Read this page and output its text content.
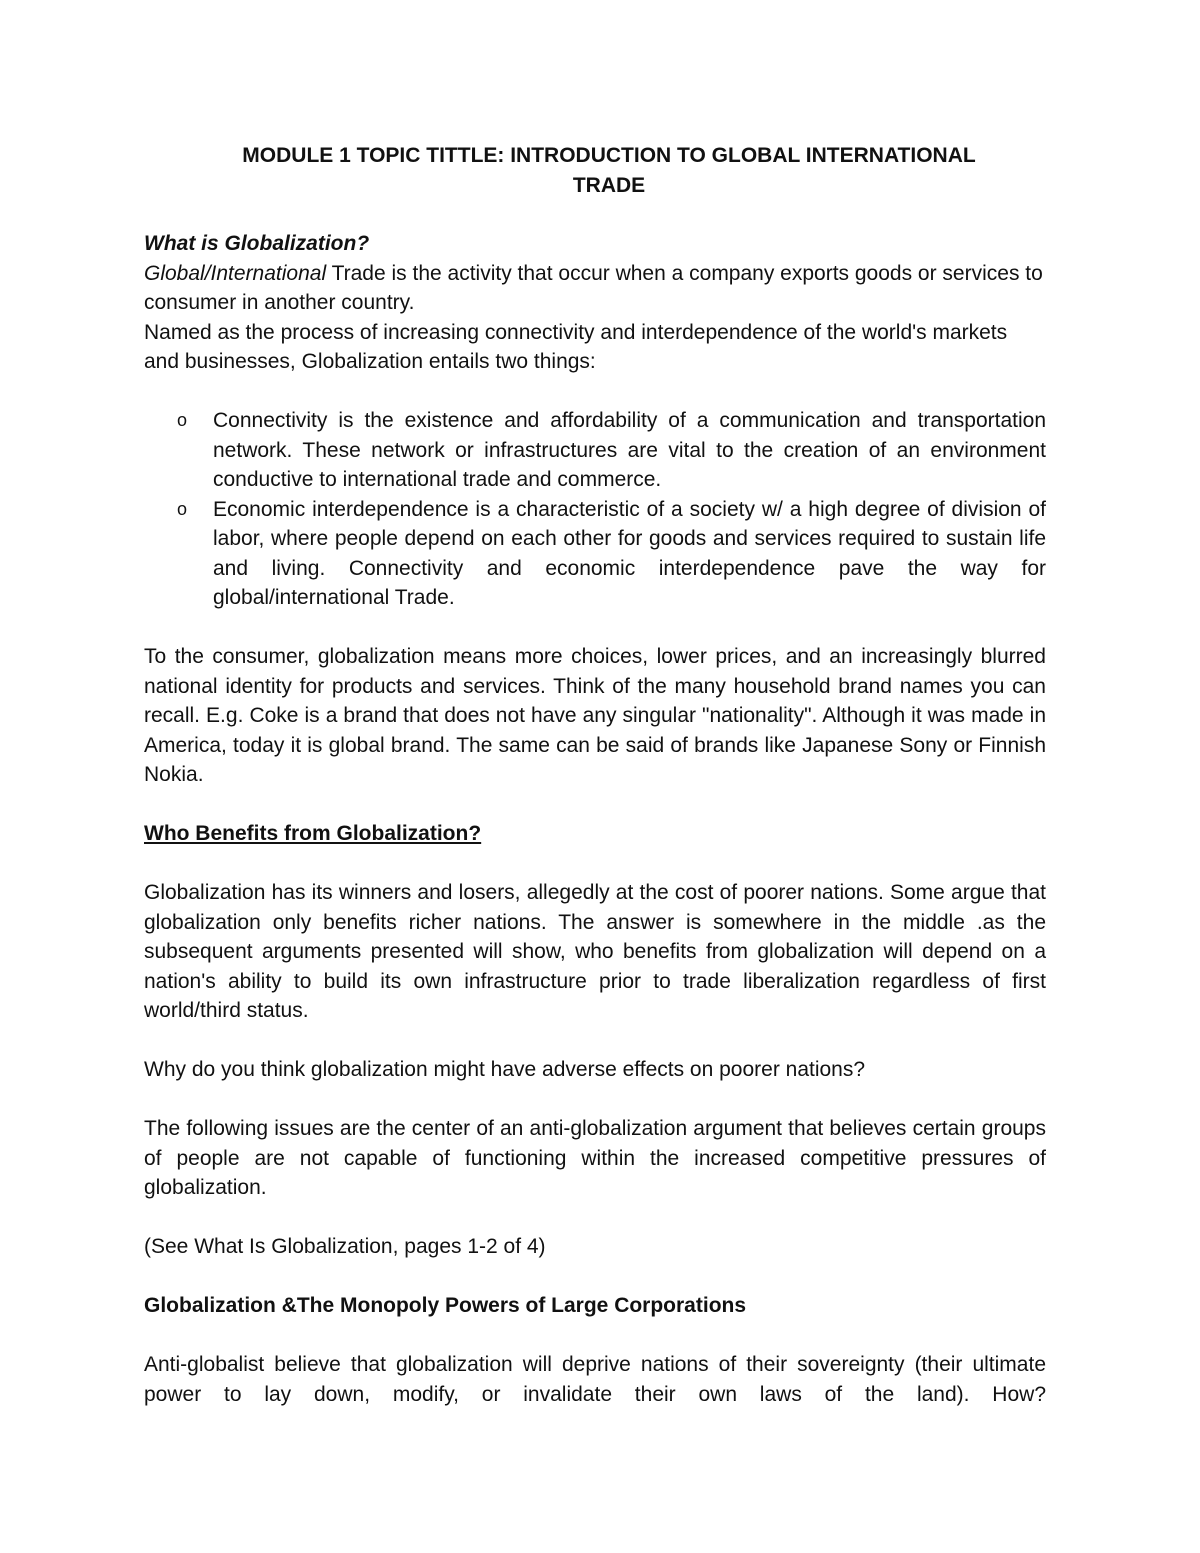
MODULE 1 TOPIC TITTLE: INTRODUCTION TO GLOBAL INTERNATIONAL
TRADE

What is Globalization?

Global/International Trade is the activity that occur when a company exports goods or services to consumer in another country.

Named as the process of increasing connectivity and interdependence of the world's markets and businesses, Globalization entails two things:

o Connectivity is the existence and affordability of a communication and transportation network. These network or infrastructures are vital to the creation of an environment conductive to international trade and commerce.
o Economic interdependence is a characteristic of a society w/ a high degree of division of labor, where people depend on each other for goods and services required to sustain life and living. Connectivity and economic interdependence pave the way for global/international Trade.

To the consumer, globalization means more choices, lower prices, and an increasingly blurred national identity for products and services. Think of the many household brand names you can recall. E.g. Coke is a brand that does not have any singular "nationality". Although it was made in America, today it is global brand. The same can be said of brands like Japanese Sony or Finnish Nokia.

Who Benefits from Globalization?

Globalization has its winners and losers, allegedly at the cost of poorer nations. Some argue that globalization only benefits richer nations. The answer is somewhere in the middle .as the subsequent arguments presented will show, who benefits from globalization will depend on a nation's ability to build its own infrastructure prior to trade liberalization regardless of first world/third status.

Why do you think globalization might have adverse effects on poorer nations?

The following issues are the center of an anti-globalization argument that believes certain groups of people are not capable of functioning within the increased competitive pressures of globalization.

(See What Is Globalization, pages 1-2 of 4)

Globalization &The Monopoly Powers of Large Corporations

Anti-globalist believe that globalization will deprive nations of their sovereignty (their ultimate power to lay down, modify, or invalidate their own laws of the land). How?
